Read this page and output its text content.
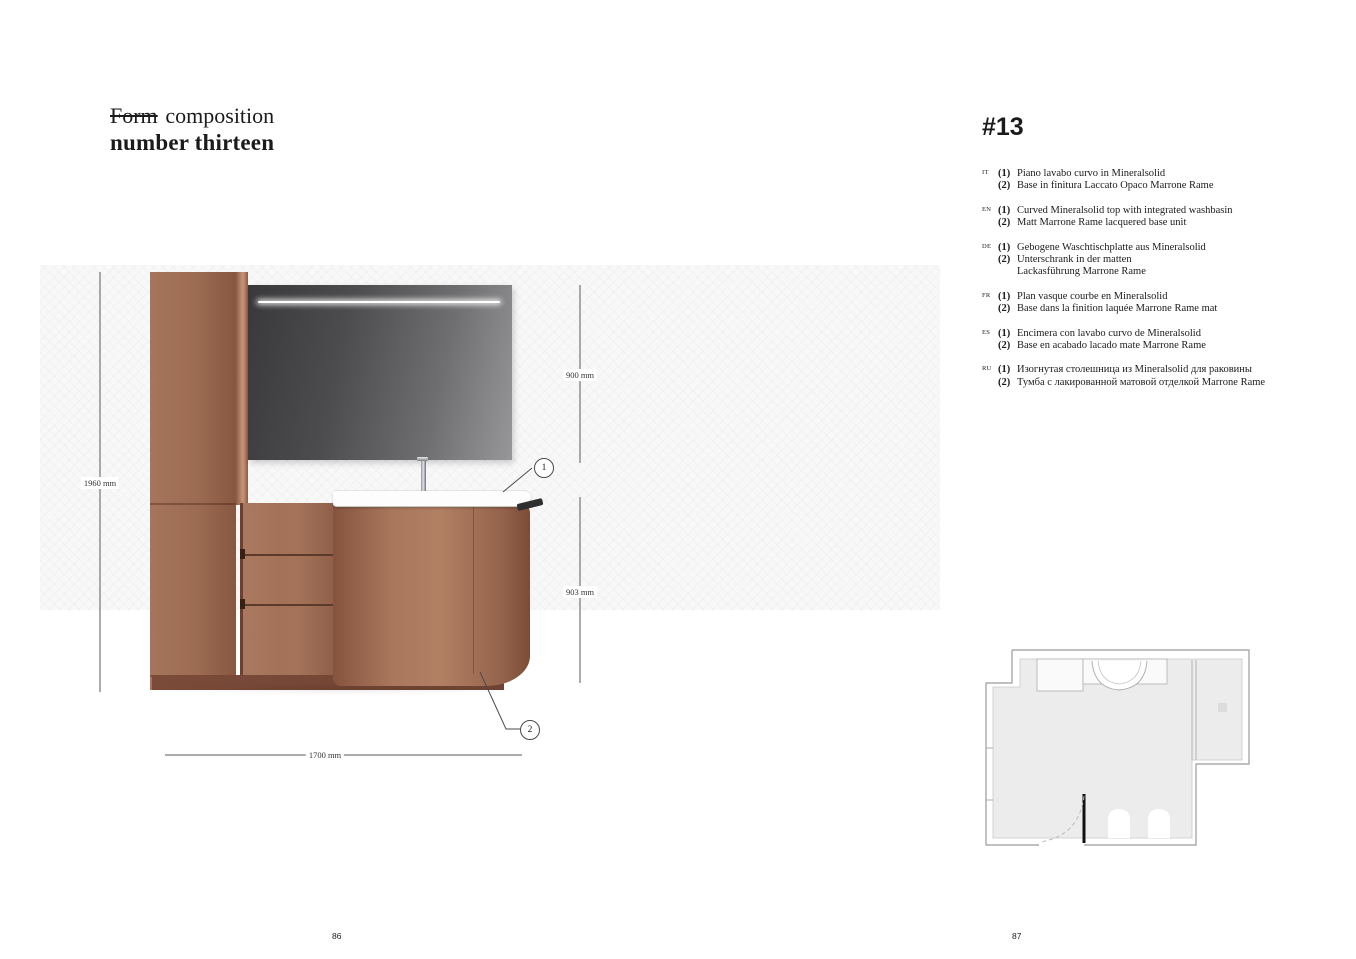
Form composition
number thirteen
#13
IT (1) Piano lavabo curvo in Mineralsolid
(2) Base in finitura Laccato Opaco Marrone Rame
EN (1) Curved Mineralsolid top with integrated washbasin
(2) Matt Marrone Rame lacquered base unit
DE (1) Gebogene Waschtischplatte aus Mineralsolid
(2) Unterschrank in der matten
Lackasführung Marrone Rame
FR (1) Plan vasque courbe en Mineralsolid
(2) Base dans la finition laquée Marrone Rame mat
ES (1) Encimera con lavabo curvo de Mineralsolid
(2) Base en acabado lacado mate Marrone Rame
RU (1) Изогнутая столешница из Mineralsolid для раковины
(2) Тумба с лакированной матовой отделкой Marrone Rame
1960 mm
900 mm
903 mm
1700 mm
1
2
86	87
